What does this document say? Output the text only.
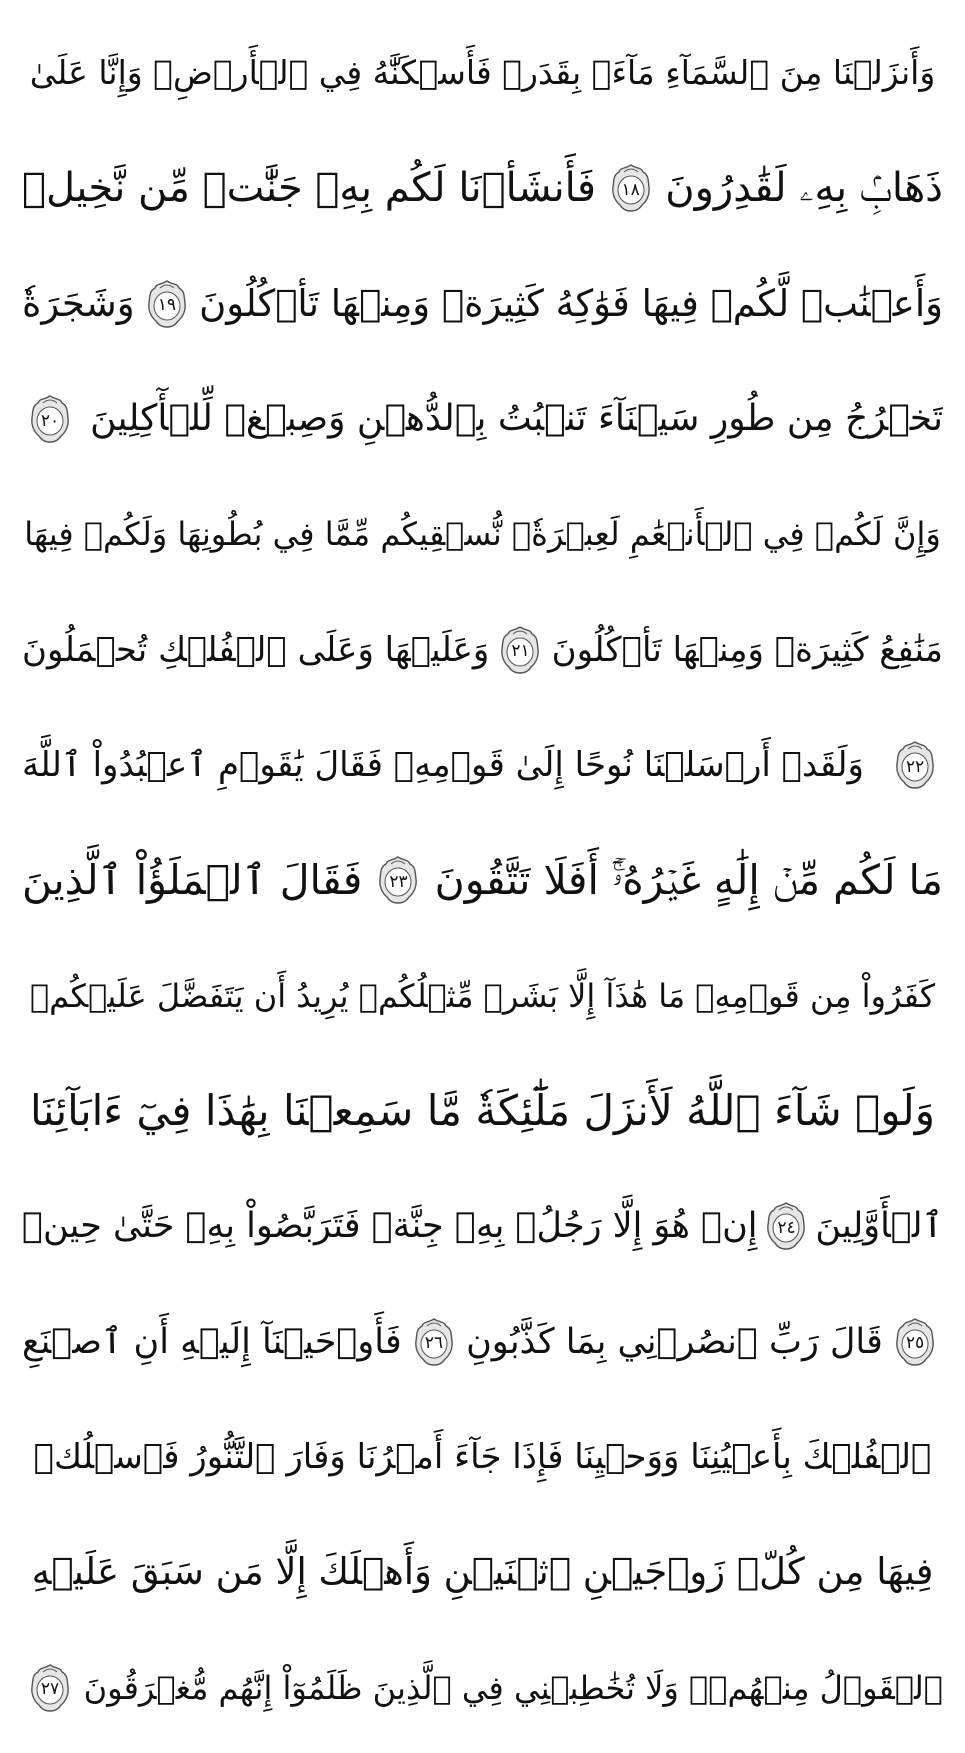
وَأَنزَلۡنَا مِنَ ٱلسَّمَآءِ مَآءَۢ بِقَدَرٖ فَأَسۡكَنَّٰهُ فِي ٱلۡأَرۡضِۖ وَإِنَّا عَلَىٰ
ذَهَابِۢ بِهِۦ لَقَٰدِرُونَ
١٨
فَأَنشَأۡنَا لَكُم بِهِۦ جَنَّٰتٖ مِّن نَّخِيلٖ
وَأَعۡنَٰبٖ لَّكُمۡ فِيهَا فَوَٰكِهُ كَثِيرَةٞ وَمِنۡهَا تَأۡكُلُونَ
١٩
وَشَجَرَةٗ
تَخۡرُجُ مِن طُورِ سَيۡنَآءَ تَنۢبُتُ بِٱلدُّهۡنِ وَصِبۡغٖ لِّلۡأٓكِلِينَ
٢٠
وَإِنَّ لَكُمۡ فِي ٱلۡأَنۡعَٰمِ لَعِبۡرَةٗۖ نُّسۡقِيكُم مِّمَّا فِي بُطُونِهَا وَلَكُمۡ فِيهَا
مَنَٰفِعُ كَثِيرَةٞ وَمِنۡهَا تَأۡكُلُونَ
٢١
وَعَلَيۡهَا وَعَلَى ٱلۡفُلۡكِ تُحۡمَلُونَ
٢٢
وَلَقَدۡ أَرۡسَلۡنَا نُوحًا إِلَىٰ قَوۡمِهِۦ فَقَالَ يَٰقَوۡمِ ٱعۡبُدُواْ ٱللَّهَ
مَا لَكُم مِّنۡ إِلَٰهٍ غَيۡرُهُۥٓۚ أَفَلَا تَتَّقُونَ
٢٣
فَقَالَ ٱلۡمَلَؤُاْ ٱلَّذِينَ
كَفَرُواْ مِن قَوۡمِهِۦ مَا هَٰذَآ إِلَّا بَشَرٞ مِّثۡلُكُمۡ يُرِيدُ أَن يَتَفَضَّلَ عَلَيۡكُمۡ
وَلَوۡ شَآءَ ٱللَّهُ لَأَنزَلَ مَلَٰٓئِكَةٗ مَّا سَمِعۡنَا بِهَٰذَا فِيٓ ءَابَآئِنَا
ٱلۡأَوَّلِينَ
٢٤
إِنۡ هُوَ إِلَّا رَجُلُۢ بِهِۦ جِنَّةٞ فَتَرَبَّصُواْ بِهِۦ حَتَّىٰ حِينٖ
٢٥
قَالَ رَبِّ ٱنصُرۡنِي بِمَا كَذَّبُونِ
٢٦
فَأَوۡحَيۡنَآ إِلَيۡهِ أَنِ ٱصۡنَعِ
ٱلۡفُلۡكَ بِأَعۡيُنِنَا وَوَحۡيِنَا فَإِذَا جَآءَ أَمۡرُنَا وَفَارَ ٱلتَّنُّورُ فَٱسۡلُكۡ
فِيهَا مِن كُلّٖ زَوۡجَيۡنِ ٱثۡنَيۡنِ وَأَهۡلَكَ إِلَّا مَن سَبَقَ عَلَيۡهِ
ٱلۡقَوۡلُ مِنۡهُمۡۖ وَلَا تُخَٰطِبۡنِي فِي ٱلَّذِينَ ظَلَمُوٓاْ إِنَّهُم مُّغۡرَقُونَ
٢٧
